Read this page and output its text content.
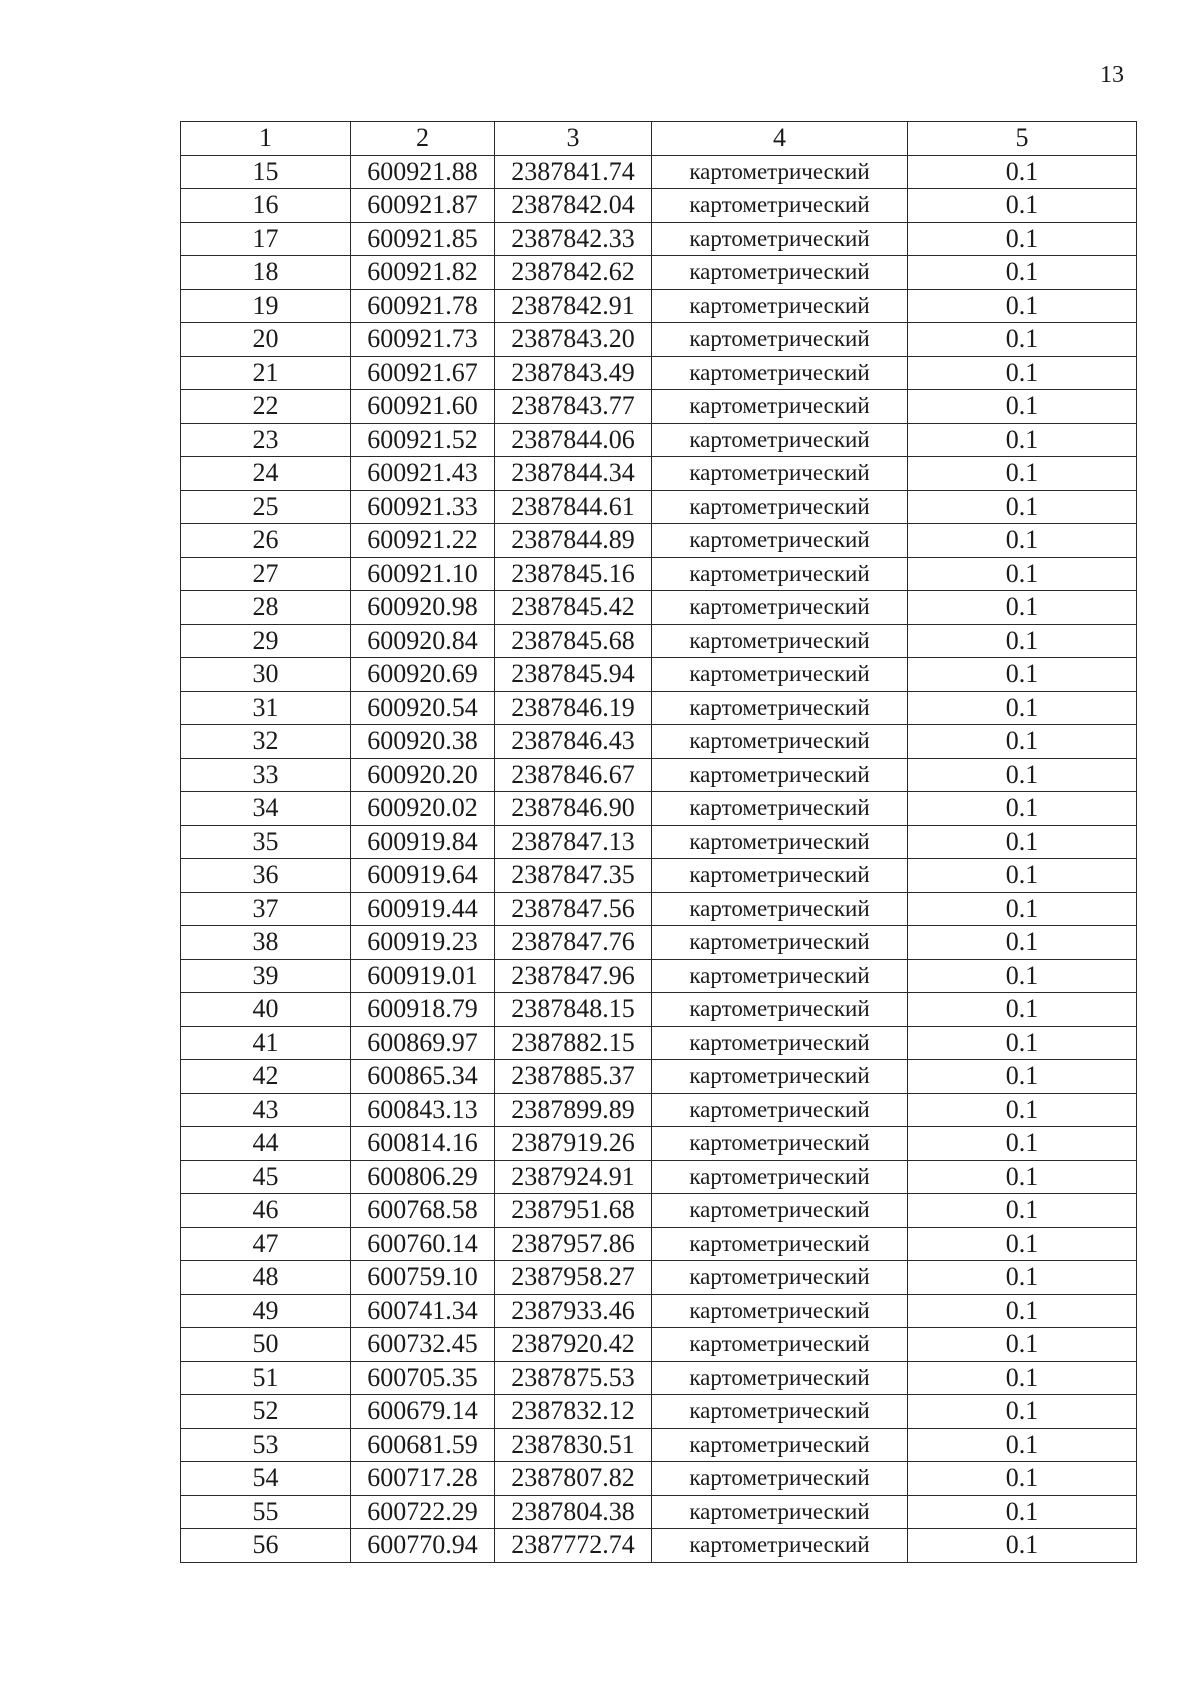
13
1	2	3	4	5
15	600921.88	2387841.74	картометрический	0.1
16	600921.87	2387842.04	картометрический	0.1
17	600921.85	2387842.33	картометрический	0.1
18	600921.82	2387842.62	картометрический	0.1
19	600921.78	2387842.91	картометрический	0.1
20	600921.73	2387843.20	картометрический	0.1
21	600921.67	2387843.49	картометрический	0.1
22	600921.60	2387843.77	картометрический	0.1
23	600921.52	2387844.06	картометрический	0.1
24	600921.43	2387844.34	картометрический	0.1
25	600921.33	2387844.61	картометрический	0.1
26	600921.22	2387844.89	картометрический	0.1
27	600921.10	2387845.16	картометрический	0.1
28	600920.98	2387845.42	картометрический	0.1
29	600920.84	2387845.68	картометрический	0.1
30	600920.69	2387845.94	картометрический	0.1
31	600920.54	2387846.19	картометрический	0.1
32	600920.38	2387846.43	картометрический	0.1
33	600920.20	2387846.67	картометрический	0.1
34	600920.02	2387846.90	картометрический	0.1
35	600919.84	2387847.13	картометрический	0.1
36	600919.64	2387847.35	картометрический	0.1
37	600919.44	2387847.56	картометрический	0.1
38	600919.23	2387847.76	картометрический	0.1
39	600919.01	2387847.96	картометрический	0.1
40	600918.79	2387848.15	картометрический	0.1
41	600869.97	2387882.15	картометрический	0.1
42	600865.34	2387885.37	картометрический	0.1
43	600843.13	2387899.89	картометрический	0.1
44	600814.16	2387919.26	картометрический	0.1
45	600806.29	2387924.91	картометрический	0.1
46	600768.58	2387951.68	картометрический	0.1
47	600760.14	2387957.86	картометрический	0.1
48	600759.10	2387958.27	картометрический	0.1
49	600741.34	2387933.46	картометрический	0.1
50	600732.45	2387920.42	картометрический	0.1
51	600705.35	2387875.53	картометрический	0.1
52	600679.14	2387832.12	картометрический	0.1
53	600681.59	2387830.51	картометрический	0.1
54	600717.28	2387807.82	картометрический	0.1
55	600722.29	2387804.38	картометрический	0.1
56	600770.94	2387772.74	картометрический	0.1
